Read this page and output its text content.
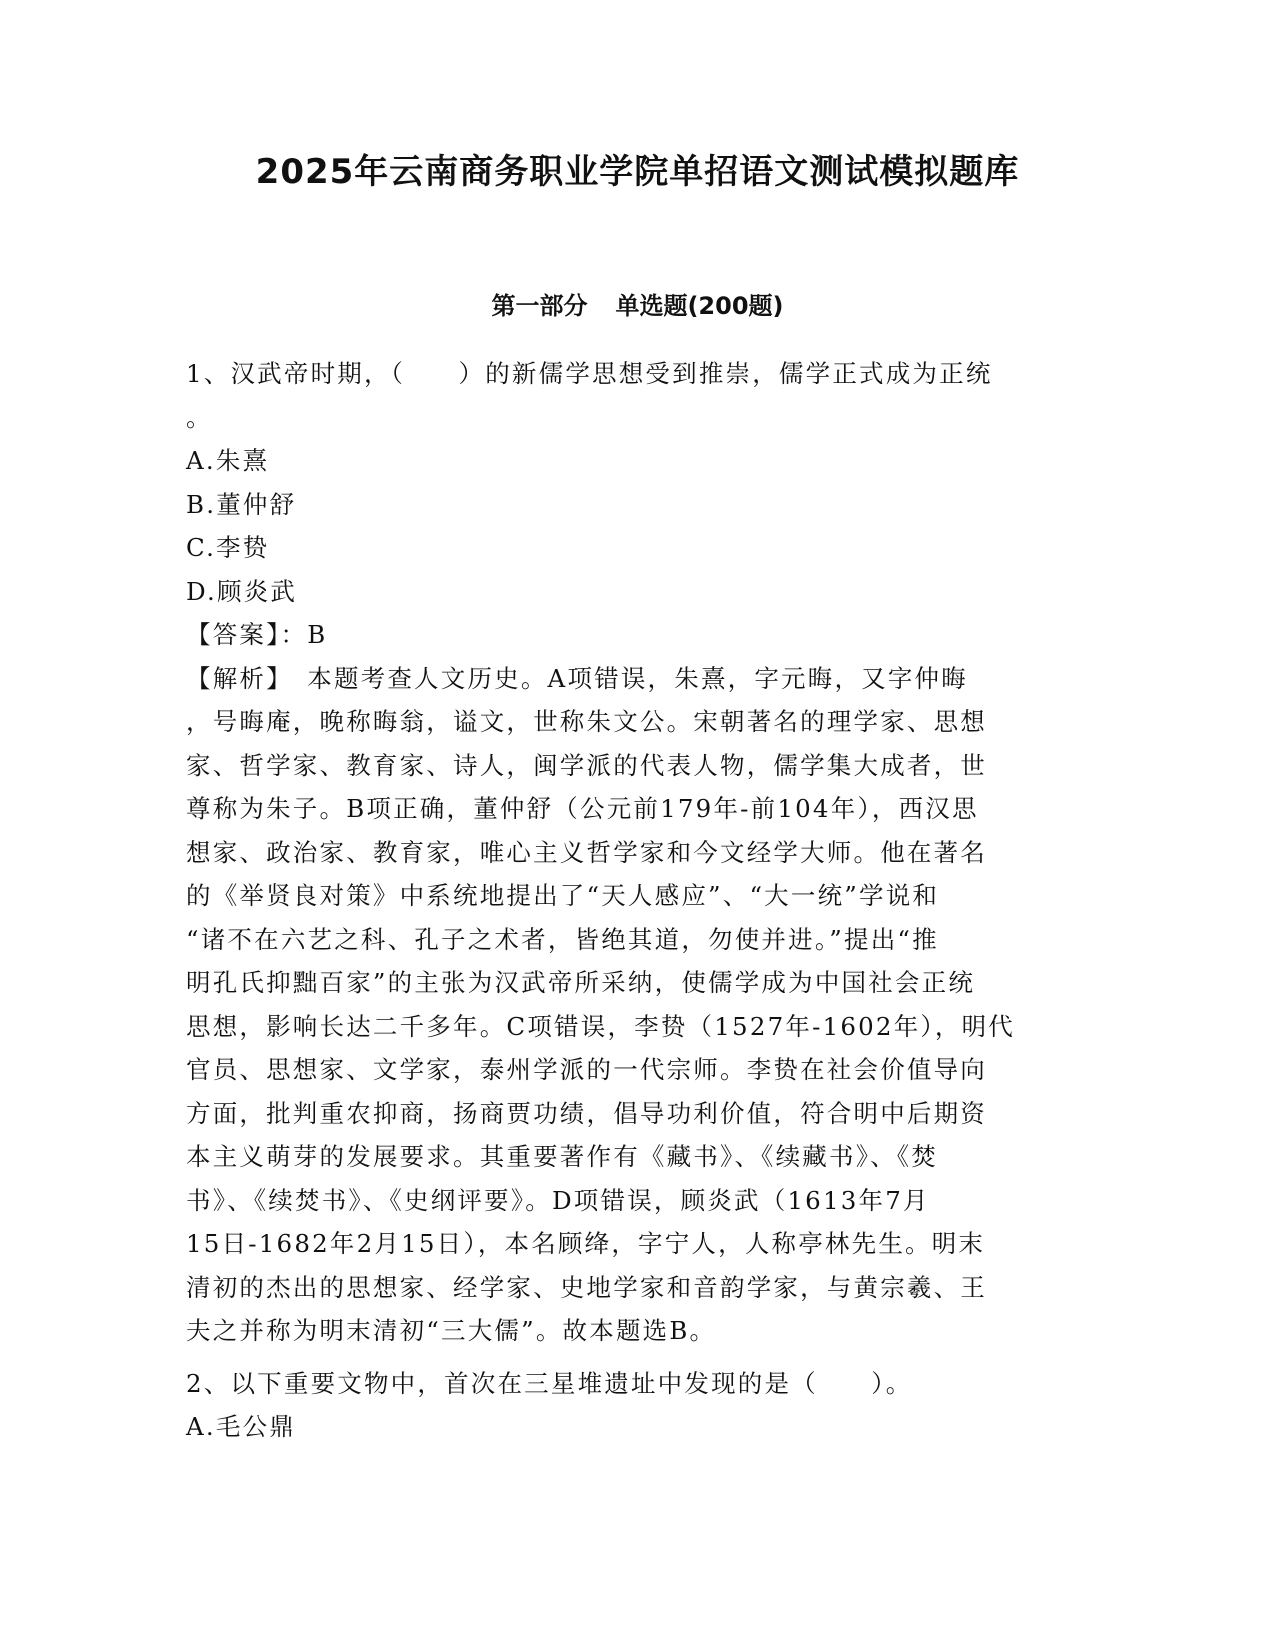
2025年云南商务职业学院单招语文测试模拟题库
第一部分 单选题(200题)
1、汉武帝时期，（　　）的新儒学思想受到推崇，儒学正式成为正统
。
A.朱熹
B.董仲舒
C.李贽
D.顾炎武
【答案】：B
【解析】　本题考查人文历史。A项错误，朱熹，字元晦，又字仲晦
，号晦庵，晚称晦翁，谥文，世称朱文公。宋朝著名的理学家、思想
家、哲学家、教育家、诗人，闽学派的代表人物，儒学集大成者，世
尊称为朱子。B项正确，董仲舒（公元前179年-前104年），西汉思
想家、政治家、教育家，唯心主义哲学家和今文经学大师。他在著名
的《举贤良对策》中系统地提出了“天人感应”、“大一统”学说和
“诸不在六艺之科、孔子之术者，皆绝其道，勿使并进。”提出“推
明孔氏抑黜百家”的主张为汉武帝所采纳，使儒学成为中国社会正统
思想，影响长达二千多年。C项错误，李贽（1527年-1602年），明代
官员、思想家、文学家，泰州学派的一代宗师。李贽在社会价值导向
方面，批判重农抑商，扬商贾功绩，倡导功利价值，符合明中后期资
本主义萌芽的发展要求。其重要著作有《藏书》、《续藏书》、《焚
书》、《续焚书》、《史纲评要》。D项错误，顾炎武（1613年7月
15日-1682年2月15日），本名顾绛，字宁人，人称亭林先生。明末
清初的杰出的思想家、经学家、史地学家和音韵学家，与黄宗羲、王
夫之并称为明末清初“三大儒”。故本题选B。
2、以下重要文物中，首次在三星堆遗址中发现的是（　　）。
A.毛公鼎
